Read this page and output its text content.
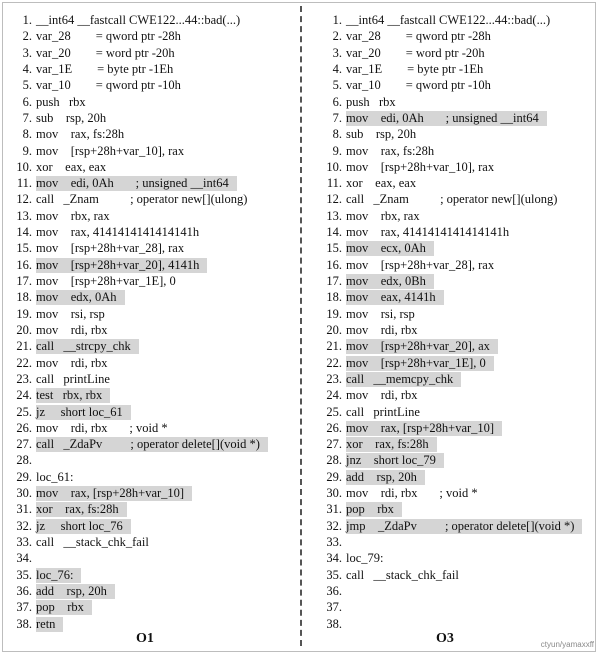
1. __int64 __fastcall CWE122...44::bad(...)
2. var_28        = qword ptr -28h
3. var_20        = word ptr -20h
4. var_1E        = byte ptr -1Eh
5. var_10        = qword ptr -10h
6. push   rbx
7. sub    rsp, 20h
8. mov    rax, fs:28h
9. mov    [rsp+28h+var_10], rax
10. xor    eax, eax
11. mov    edi, 0Ah       ; unsigned __int64
12. call   _Znam          ; operator new[](ulong)
13. mov    rbx, rax
14. mov    rax, 4141414141414141h
15. mov    [rsp+28h+var_28], rax
16. mov    [rsp+28h+var_20], 4141h
17. mov    [rsp+28h+var_1E], 0
18. mov    edx, 0Ah
19. mov    rsi, rsp
20. mov    rdi, rbx
21. call   __strcpy_chk
22. mov    rdi, rbx
23. call   printLine
24. test   rbx, rbx
25. jz     short loc_61
26. mov    rdi, rbx       ; void *
27. call   _ZdaPv         ; operator delete[](void *)
28.
29. loc_61:
30. mov    rax, [rsp+28h+var_10]
31. xor    rax, fs:28h
32. jz     short loc_76
33. call   __stack_chk_fail
34.
35. loc_76:
36. add    rsp, 20h
37. pop    rbx
38. retn
1. __int64 __fastcall CWE122...44::bad(...)
2. var_28        = qword ptr -28h
3. var_20        = word ptr -20h
4. var_1E        = byte ptr -1Eh
5. var_10        = qword ptr -10h
6. push   rbx
7. mov    edi, 0Ah       ; unsigned __int64
8. sub    rsp, 20h
9. mov    rax, fs:28h
10. mov    [rsp+28h+var_10], rax
11. xor    eax, eax
12. call   _Znam          ; operator new[](ulong)
13. mov    rbx, rax
14. mov    rax, 4141414141414141h
15. mov    ecx, 0Ah
16. mov    [rsp+28h+var_28], rax
17. mov    edx, 0Bh
18. mov    eax, 4141h
19. mov    rsi, rsp
20. mov    rdi, rbx
21. mov    [rsp+28h+var_20], ax
22. mov    [rsp+28h+var_1E], 0
23. call   __memcpy_chk
24. mov    rdi, rbx
25. call   printLine
26. mov    rax, [rsp+28h+var_10]
27. xor    rax, fs:28h
28. jnz    short loc_79
29. add    rsp, 20h
30. mov    rdi, rbx       ; void *
31. pop    rbx
32. jmp    _ZdaPv         ; operator delete[](void *)
33.
34. loc_79:
35. call   __stack_chk_fail
36.
37.
38.
O1	O3	ctyun/yamaxxff
